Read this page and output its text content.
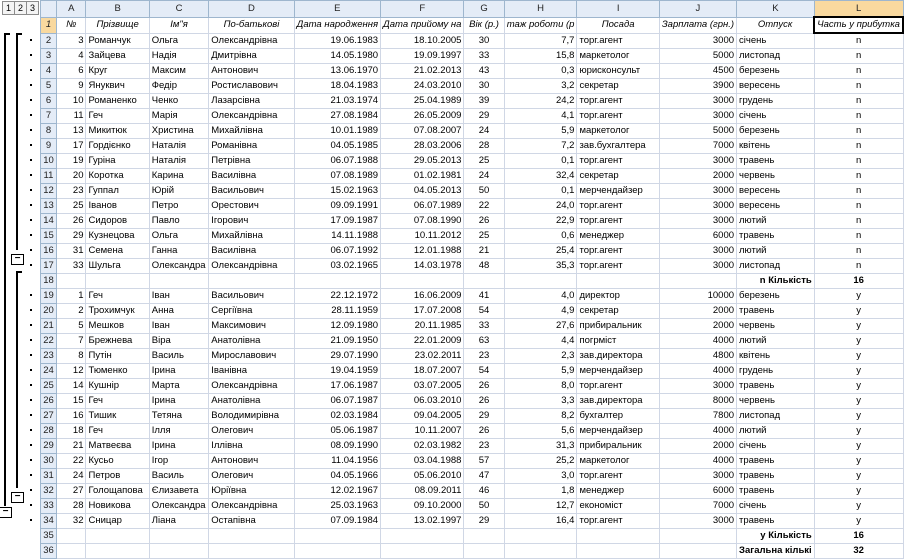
1 2 3
−
−
−
	A	B	C	D	E	F	G	H	I	J	K	L
1	№	Прізвище	Ім"я	По-батькові	Дата народження	Дата прийому на	Вік (р.)	таж роботи (р	Посада	Зарплата (грн.)	Отпуск	Часть у прибутка
2	3	Романчук	Ольга	Олександрівна	19.06.1983	18.10.2005	30	7,7	торг.агент	3000	січень	n
3	4	Зайцева	Надія	Дмитрівна	14.05.1980	19.09.1997	33	15,8	маркетолог	5000	листопад	n
4	6	Круг	Максим	Антонович	13.06.1970	21.02.2013	43	0,3	юрисконсульт	4500	березень	n
5	9	Януквич	Федір	Ростиславович	18.04.1983	24.03.2010	30	3,2	секретар	3900	вересень	n
6	10	Романенко	Ченко	Лазарсівна	21.03.1974	25.04.1989	39	24,2	торг.агент	3000	грудень	n
7	11	Геч	Марія	Олександрівна	27.08.1984	26.05.2009	29	4,1	торг.агент	3000	січень	n
8	13	Микитюк	Христина	Михайлівна	10.01.1989	07.08.2007	24	5,9	маркетолог	5000	березень	n
9	17	Гордієнко	Наталія	Романівна	04.05.1985	28.03.2006	28	7,2	зав.бухгалтера	7000	квітень	n
10	19	Гуріна	Наталія	Петрівна	06.07.1988	29.05.2013	25	0,1	торг.агент	3000	травень	n
11	20	Коротка	Карина	Василівна	07.08.1989	01.02.1981	24	32,4	секретар	2000	червень	n
12	23	Гуппал	Юрій	Васильович	15.02.1963	04.05.2013	50	0,1	мерчендайзер	3000	вересень	n
13	25	Іванов	Петро	Орестович	09.09.1991	06.07.1989	22	24,0	торг.агент	3000	вересень	n
14	26	Сидоров	Павло	Ігорович	17.09.1987	07.08.1990	26	22,9	торг.агент	3000	лютий	n
15	29	Кузнецова	Ольга	Михайлівна	14.11.1988	10.11.2012	25	0,6	менеджер	6000	травень	n
16	31	Семена	Ганна	Василівна	06.07.1992	12.01.1988	21	25,4	торг.агент	3000	лютий	n
17	33	Шульга	Олександра	Олександрівна	03.02.1965	14.03.1978	48	35,3	торг.агент	3000	листопад	n
18											n Кількість	16
19	1	Геч	Іван	Васильович	22.12.1972	16.06.2009	41	4,0	директор	10000	березень	y
20	2	Трохимчук	Анна	Сергіївна	28.11.1959	17.07.2008	54	4,9	секретар	2000	травень	y
21	5	Мешков	Іван	Максимович	12.09.1980	20.11.1985	33	27,6	прибиральник	2000	червень	y
22	7	Брежнева	Віра	Анатолівна	21.09.1950	22.01.2009	63	4,4	погрміст	4000	лютий	y
23	8	Путін	Василь	Мирославович	29.07.1990	23.02.2011	23	2,3	зав.директора	4800	квітень	y
24	12	Тюменко	Ірина	Іванівна	19.04.1959	18.07.2007	54	5,9	мерчендайзер	4000	грудень	y
25	14	Кушнір	Марта	Олександрівна	17.06.1987	03.07.2005	26	8,0	торг.агент	3000	травень	y
26	15	Геч	Ірина	Анатолівна	06.07.1987	06.03.2010	26	3,3	зав.директора	8000	червень	y
27	16	Тишик	Тетяна	Володимирівна	02.03.1984	09.04.2005	29	8,2	бухгалтер	7800	листопад	y
28	18	Геч	Ілля	Олегович	05.06.1987	10.11.2007	26	5,6	мерчендайзер	4000	лютий	y
29	21	Матвеєва	Ірина	Іллівна	08.09.1990	02.03.1982	23	31,3	прибиральник	2000	січень	y
30	22	Кусьо	Ігор	Антонович	11.04.1956	03.04.1988	57	25,2	маркетолог	4000	травень	y
31	24	Петров	Василь	Олегович	04.05.1966	05.06.2010	47	3,0	торг.агент	3000	травень	y
32	27	Голощапова	Єлизавета	Юріївна	12.02.1967	08.09.2011	46	1,8	менеджер	6000	травень	y
33	28	Новикова	Олександра	Олександрівна	25.03.1963	09.10.2000	50	12,7	економіст	7000	січень	y
34	32	Сницар	Ліана	Остапівна	07.09.1984	13.02.1997	29	16,4	торг.агент	3000	травень	y
35											у Кількість	16
36											Загальна кількі	32
